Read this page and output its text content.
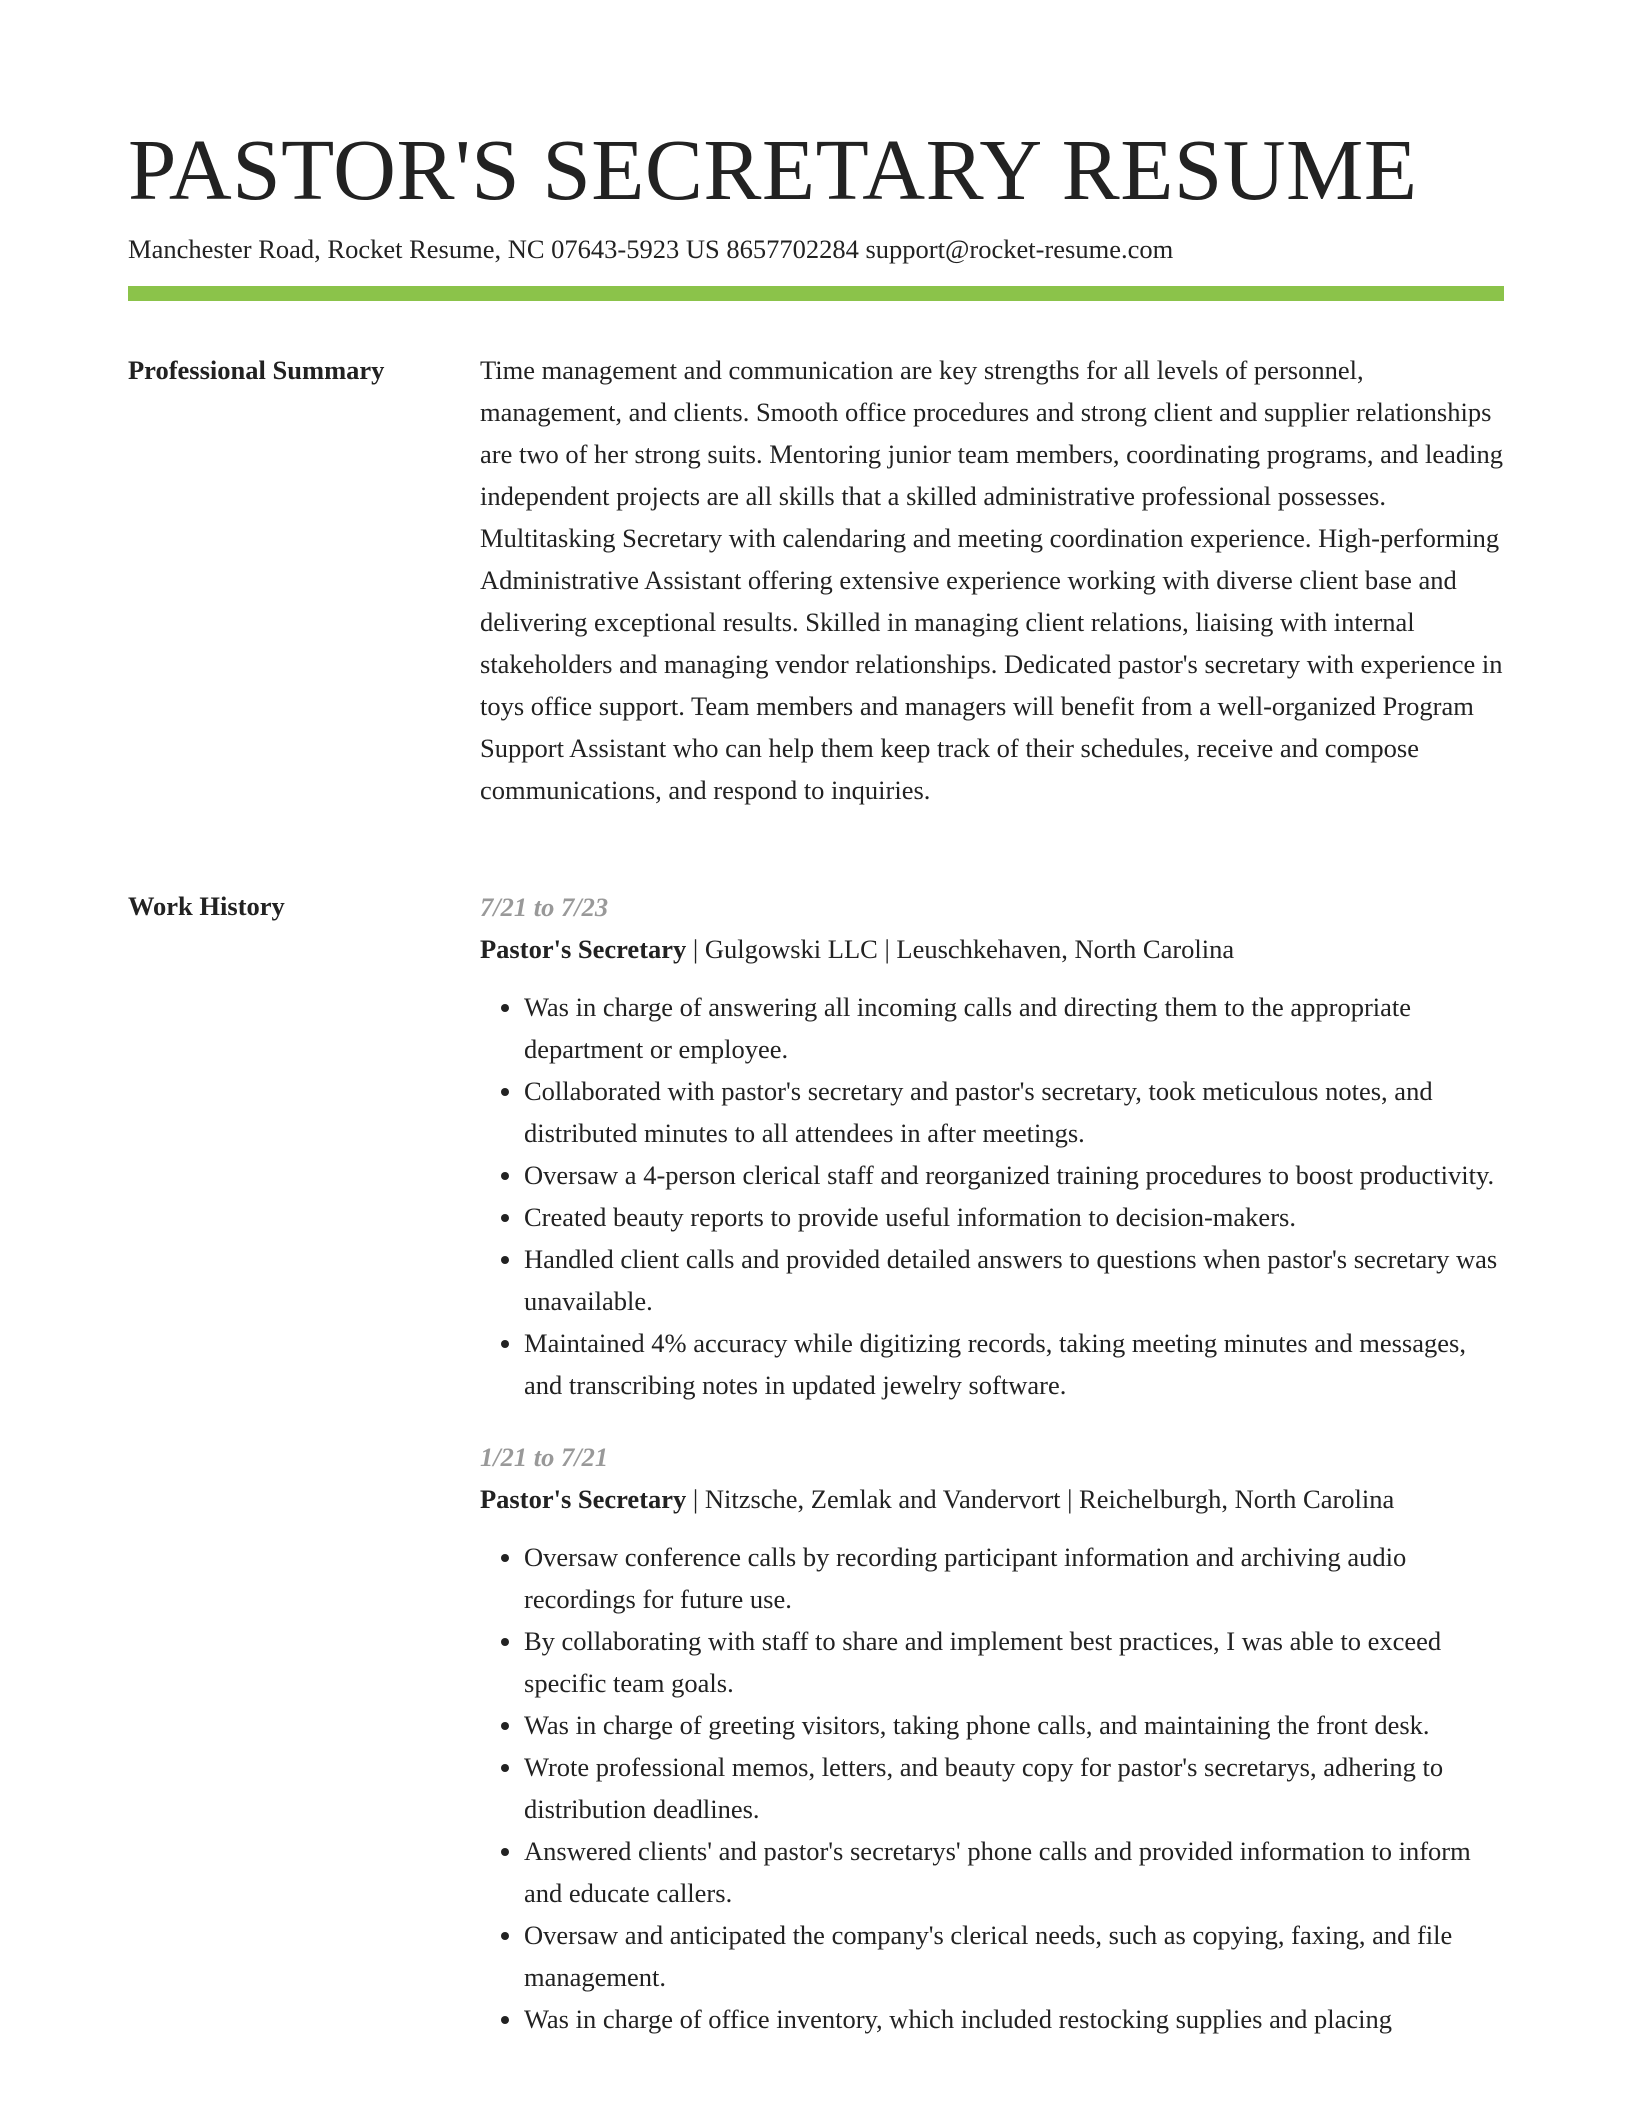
PASTOR'S SECRETARY RESUME
Manchester Road, Rocket Resume, NC 07643-5923 US 8657702284 support@rocket-resume.com
Professional Summary	Time management and communication are key strengths for all levels of personnel, management, and clients. Smooth office procedures and strong client and supplier relationships are two of her strong suits. Mentoring junior team members, coordinating programs, and leading independent projects are all skills that a skilled administrative professional possesses. Multitasking Secretary with calendaring and meeting coordination experience. High-performing Administrative Assistant offering extensive experience working with diverse client base and delivering exceptional results. Skilled in managing client relations, liaising with internal stakeholders and managing vendor relationships. Dedicated pastor's secretary with experience in toys office support. Team members and managers will benefit from a well-organized Program Support Assistant who can help them keep track of their schedules, receive and compose communications, and respond to inquiries.

Work History	7/21 to 7/23
Pastor's Secretary | Gulgowski LLC | Leuschkehaven, North Carolina
• Was in charge of answering all incoming calls and directing them to the appropriate department or employee.
• Collaborated with pastor's secretary and pastor's secretary, took meticulous notes, and distributed minutes to all attendees in after meetings.
• Oversaw a 4-person clerical staff and reorganized training procedures to boost productivity.
• Created beauty reports to provide useful information to decision-makers.
• Handled client calls and provided detailed answers to questions when pastor's secretary was unavailable.
• Maintained 4% accuracy while digitizing records, taking meeting minutes and messages, and transcribing notes in updated jewelry software.
1/21 to 7/21
Pastor's Secretary | Nitzsche, Zemlak and Vandervort | Reichelburgh, North Carolina
• Oversaw conference calls by recording participant information and archiving audio recordings for future use.
• By collaborating with staff to share and implement best practices, I was able to exceed specific team goals.
• Was in charge of greeting visitors, taking phone calls, and maintaining the front desk.
• Wrote professional memos, letters, and beauty copy for pastor's secretarys, adhering to distribution deadlines.
• Answered clients' and pastor's secretarys' phone calls and provided information to inform and educate callers.
• Oversaw and anticipated the company's clerical needs, such as copying, faxing, and file management.
• Was in charge of office inventory, which included restocking supplies and placing
